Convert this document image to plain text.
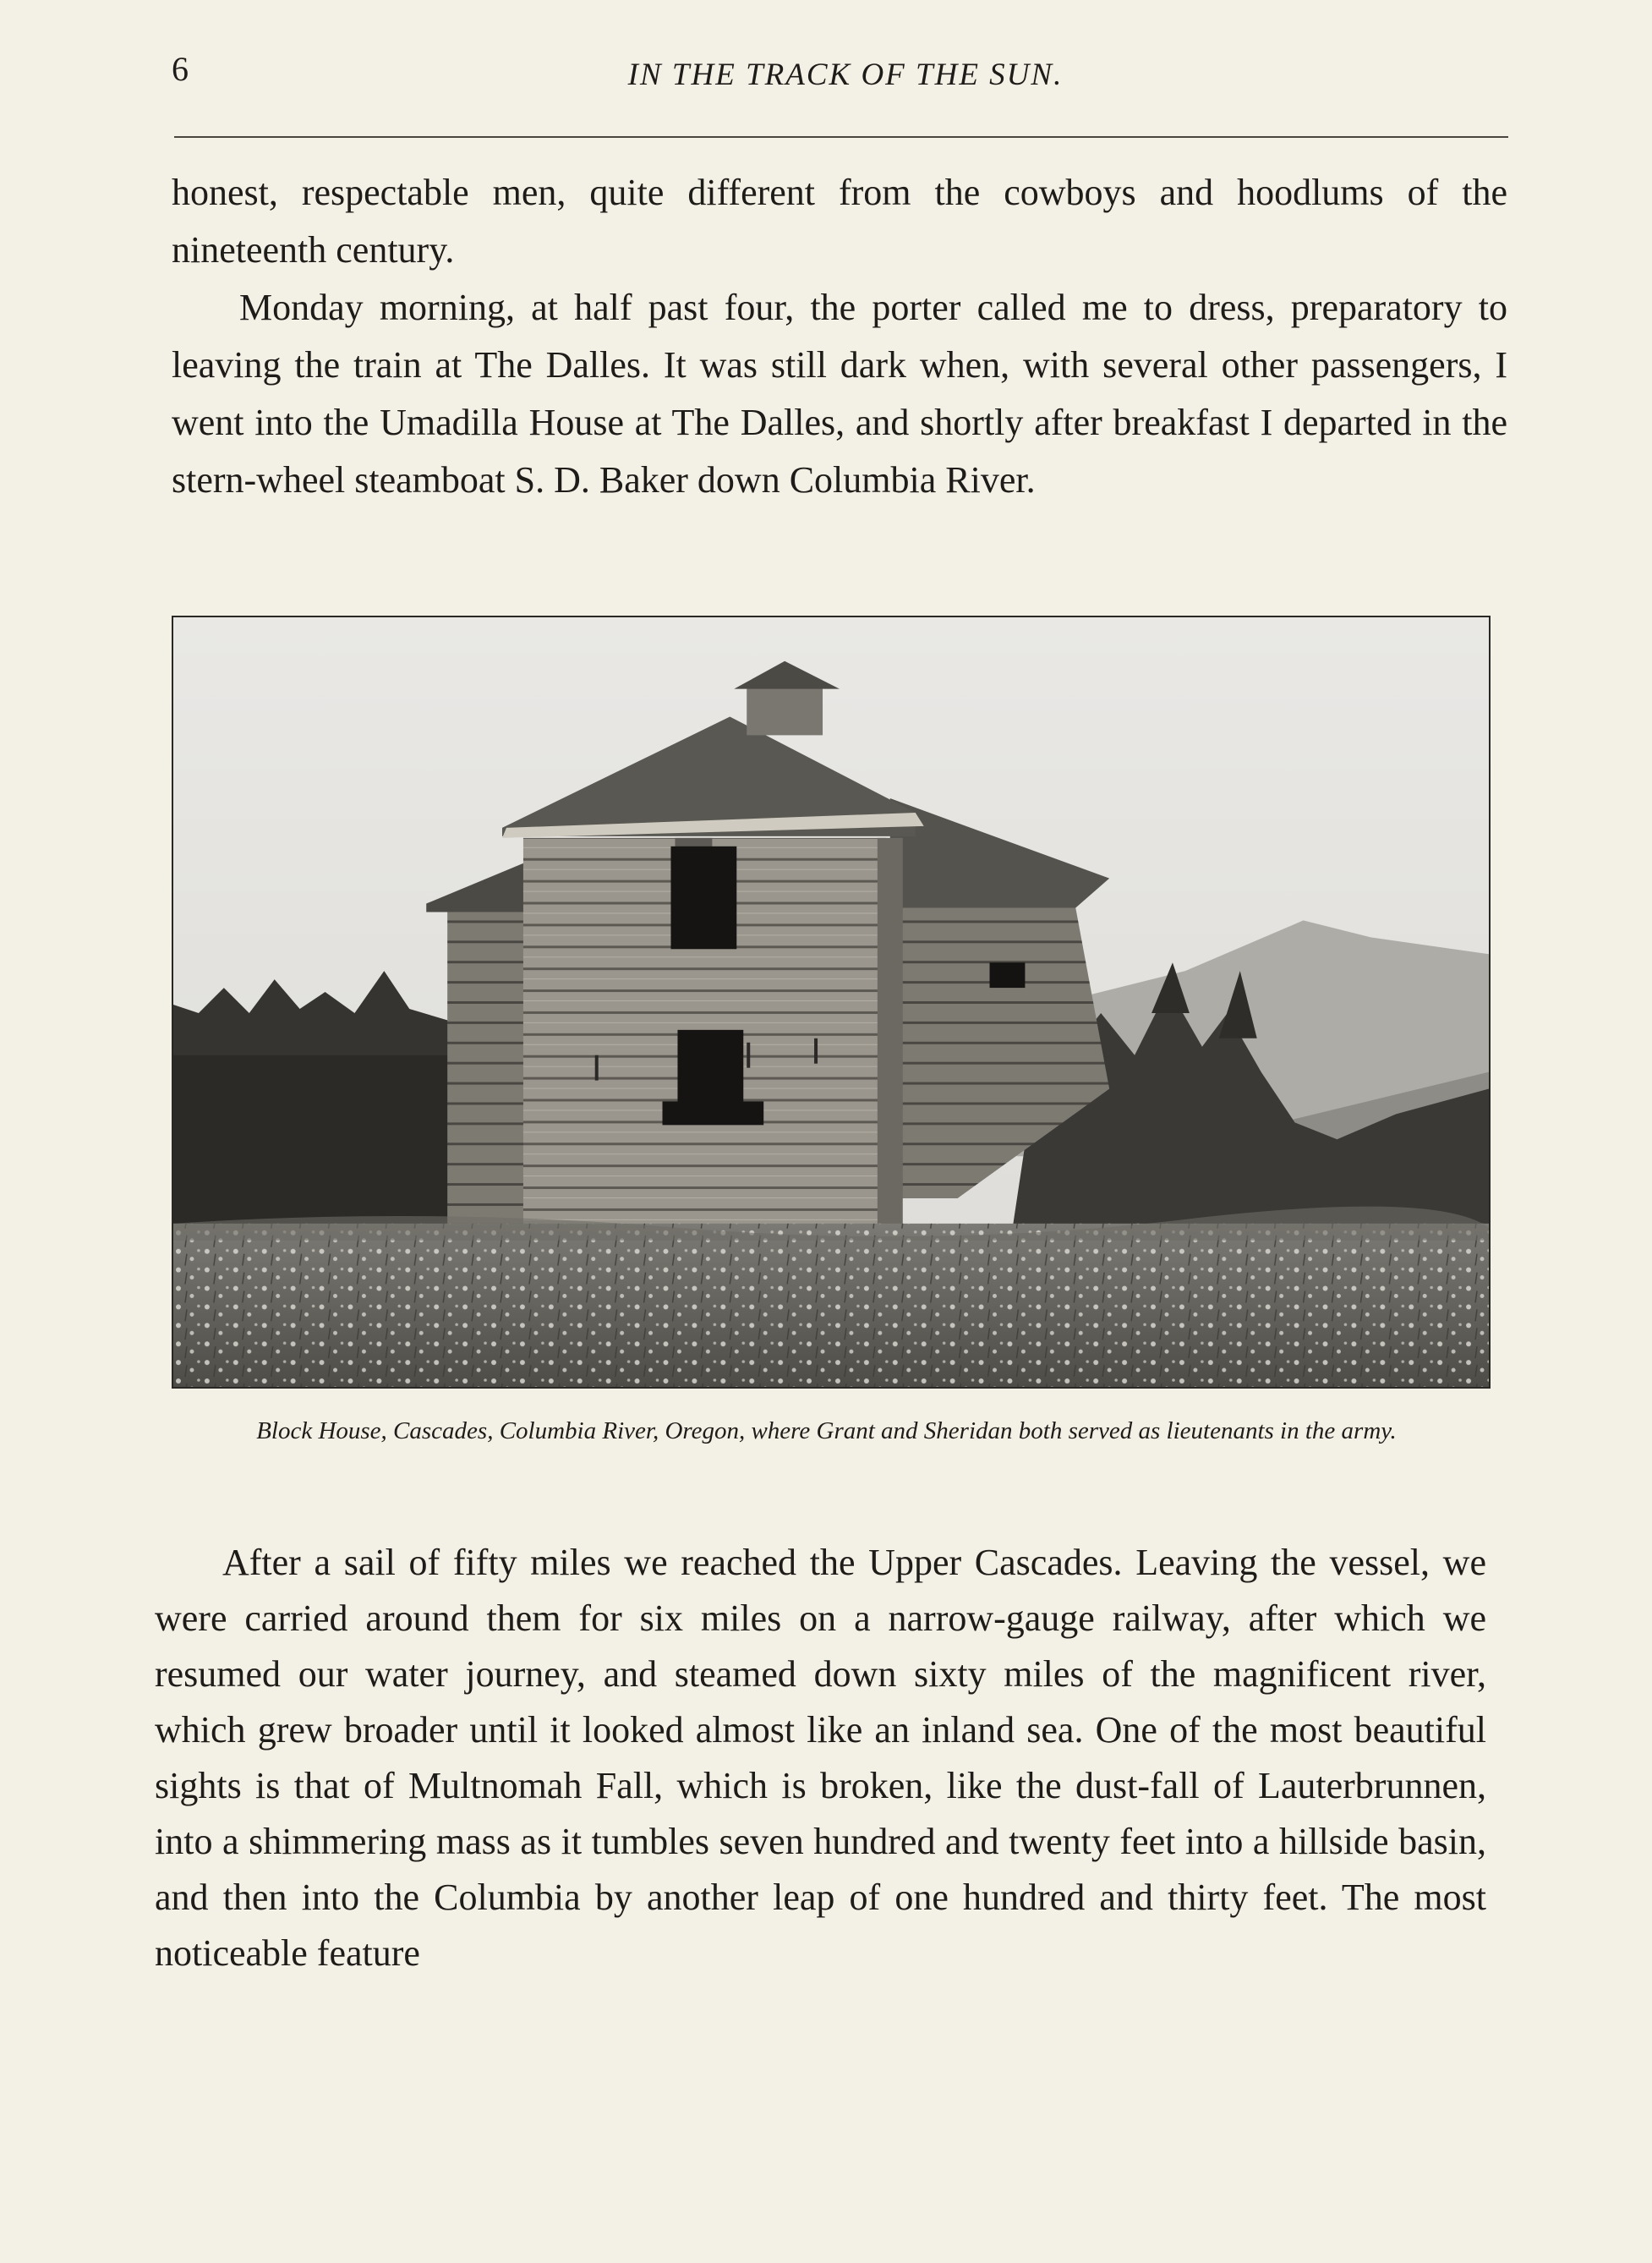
6	IN THE TRACK OF THE SUN.
honest, respectable men, quite different from the cowboys and hoodlums of the nineteenth century.
Monday morning, at half past four, the porter called me to dress, preparatory to leaving the train at The Dalles. It was still dark when, with several other passengers, I went into the Umadilla House at The Dalles, and shortly after breakfast I departed in the stern-wheel steamboat S. D. Baker down Columbia River.
Block House, Cascades, Columbia River, Oregon, where Grant and Sheridan both served as lieutenants in the army.
After a sail of fifty miles we reached the Upper Cascades. Leaving the vessel, we were carried around them for six miles on a narrow-gauge railway, after which we resumed our water journey, and steamed down sixty miles of the magnificent river, which grew broader until it looked almost like an inland sea. One of the most beautiful sights is that of Multnomah Fall, which is broken, like the dust-fall of Lauterbrunnen, into a shimmering mass as it tumbles seven hundred and twenty feet into a hillside basin, and then into the Columbia by another leap of one hundred and thirty feet. The most noticeable feature
